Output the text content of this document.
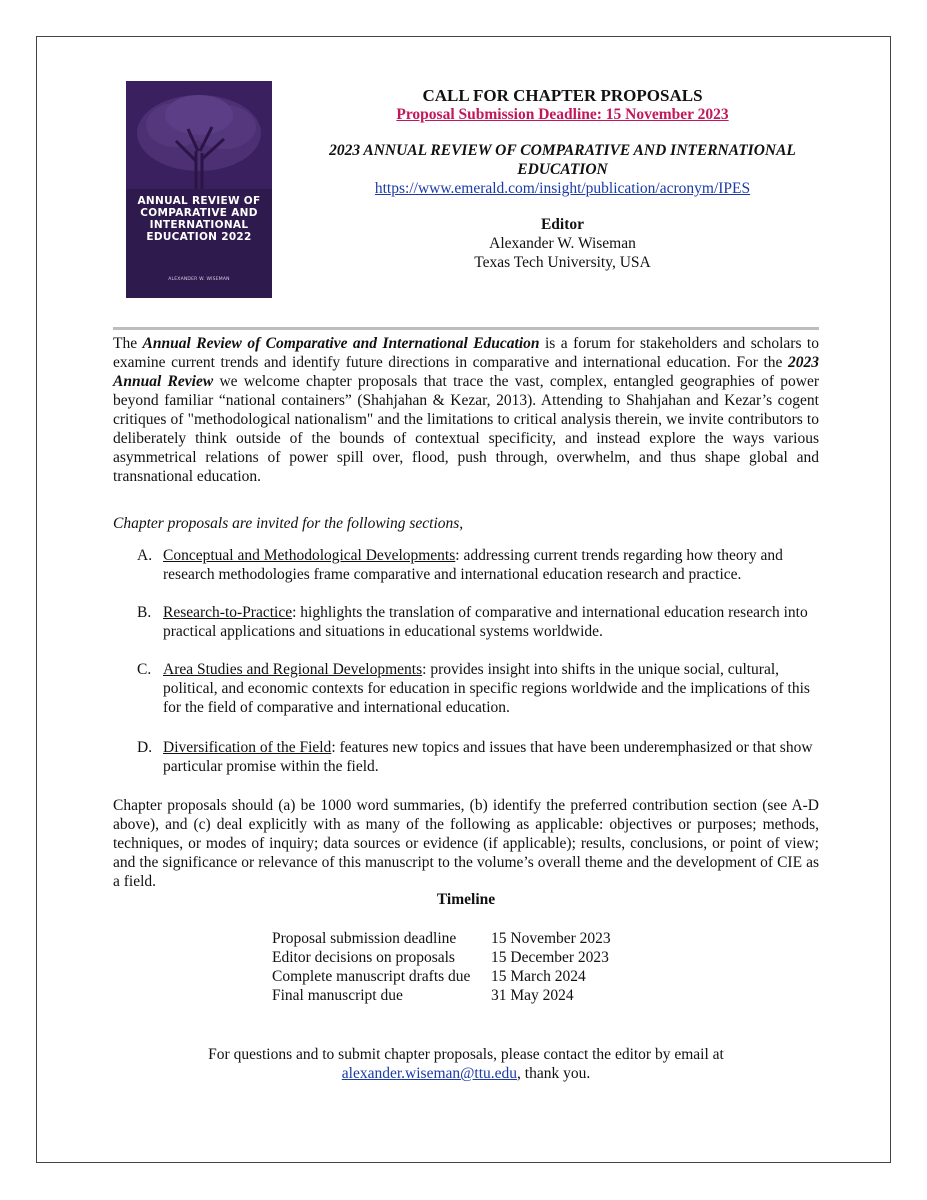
ANNUAL REVIEW OF
COMPARATIVE AND
INTERNATIONAL
EDUCATION 2022
ALEXANDER W. WISEMAN
CALL FOR CHAPTER PROPOSALS
Proposal Submission Deadline: 15 November 2023
2023 ANNUAL REVIEW OF COMPARATIVE AND INTERNATIONAL
EDUCATION
https://www.emerald.com/insight/publication/acronym/IPES
Editor
Alexander W. Wiseman
Texas Tech University, USA
The Annual Review of Comparative and International Education is a forum for stakeholders and scholars to examine current trends and identify future directions in comparative and international education. For the 2023 Annual Review we welcome chapter proposals that trace the vast, complex, entangled geographies of power beyond familiar “national containers” (Shahjahan & Kezar, 2013). Attending to Shahjahan and Kezar’s cogent critiques of "methodological nationalism" and the limitations to critical analysis therein, we invite contributors to deliberately think outside of the bounds of contextual specificity, and instead explore the ways various asymmetrical relations of power spill over, flood, push through, overwhelm, and thus shape global and transnational education.
Chapter proposals are invited for the following sections,
A. Conceptual and Methodological Developments: addressing current trends regarding how theory and research methodologies frame comparative and international education research and practice.
B. Research-to-Practice: highlights the translation of comparative and international education research into practical applications and situations in educational systems worldwide.
C. Area Studies and Regional Developments: provides insight into shifts in the unique social, cultural, political, and economic contexts for education in specific regions worldwide and the implications of this for the field of comparative and international education.
D. Diversification of the Field: features new topics and issues that have been underemphasized or that show particular promise within the field.
Chapter proposals should (a) be 1000 word summaries, (b) identify the preferred contribution section (see A-D above), and (c) deal explicitly with as many of the following as applicable: objectives or purposes; methods, techniques, or modes of inquiry; data sources or evidence (if applicable); results, conclusions, or point of view; and the significance or relevance of this manuscript to the volume’s overall theme and the development of CIE as a field.
Timeline
Proposal submission deadline	15 November 2023
Editor decisions on proposals	15 December 2023
Complete manuscript drafts due	15 March 2024
Final manuscript due	31 May 2024
For questions and to submit chapter proposals, please contact the editor by email at
alexander.wiseman@ttu.edu, thank you.
